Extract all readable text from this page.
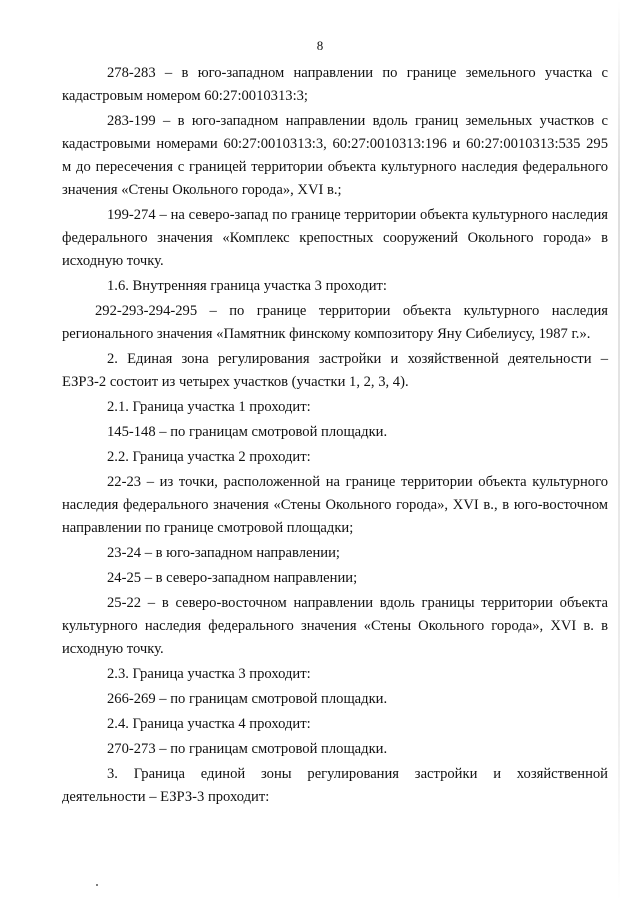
8

278-283 – в юго-западном направлении по границе земельного участка с кадастровым номером 60:27:0010313:3;

283-199 – в юго-западном направлении вдоль границ земельных участков с кадастровыми номерами 60:27:0010313:3, 60:27:0010313:196 и 60:27:0010313:535 295 м до пересечения с границей территории объекта культурного наследия федерального значения «Стены Окольного города», XVI в.;

199-274 – на северо-запад по границе территории объекта культурного наследия федерального значения «Комплекс крепостных сооружений Окольного города» в исходную точку.

1.6. Внутренняя граница участка 3 проходит:

292-293-294-295 – по границе территории объекта культурного наследия регионального значения «Памятник финскому композитору Яну Сибелиусу, 1987 г.».

2. Единая зона регулирования застройки и хозяйственной деятельности – ЕЗРЗ-2 состоит из четырех участков (участки 1, 2, 3, 4).

2.1. Граница участка 1 проходит:

145-148 – по границам смотровой площадки.

2.2. Граница участка 2 проходит:

22-23 – из точки, расположенной на границе территории объекта культурного наследия федерального значения «Стены Окольного города», XVI в., в юго-восточном направлении по границе смотровой площадки;

23-24 – в юго-западном направлении;

24-25 – в северо-западном направлении;

25-22 – в северо-восточном направлении вдоль границы территории объекта культурного наследия федерального значения «Стены Окольного города», XVI в. в исходную точку.

2.3. Граница участка 3 проходит:

266-269 – по границам смотровой площадки.

2.4. Граница участка 4 проходит:

270-273 – по границам смотровой площадки.

3. Граница единой зоны регулирования застройки и хозяйственной деятельности – ЕЗРЗ-3 проходит:
